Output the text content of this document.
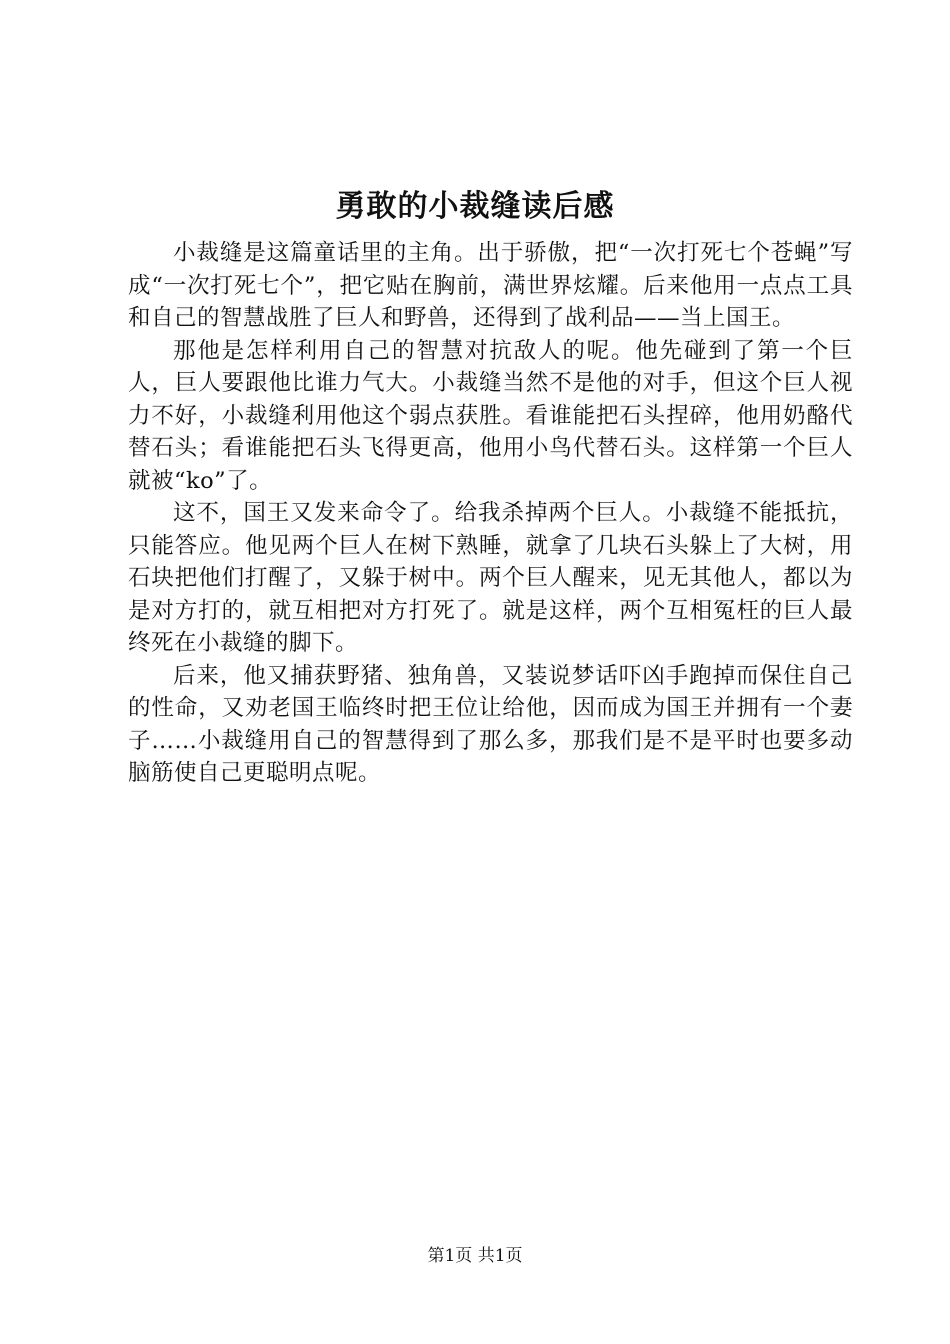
勇敢的小裁缝读后感

小裁缝是这篇童话里的主角。出于骄傲，把“一次打死七个苍蝇”写成“一次打死七个”，把它贴在胸前，满世界炫耀。后来他用一点点工具和自己的智慧战胜了巨人和野兽，还得到了战利品——当上国王。

那他是怎样利用自己的智慧对抗敌人的呢。他先碰到了第一个巨人，巨人要跟他比谁力气大。小裁缝当然不是他的对手，但这个巨人视力不好，小裁缝利用他这个弱点获胜。看谁能把石头捏碎，他用奶酪代替石头；看谁能把石头飞得更高，他用小鸟代替石头。这样第一个巨人就被“ko”了。

这不，国王又发来命令了。给我杀掉两个巨人。小裁缝不能抵抗，只能答应。他见两个巨人在树下熟睡，就拿了几块石头躲上了大树，用石块把他们打醒了，又躲于树中。两个巨人醒来，见无其他人，都以为是对方打的，就互相把对方打死了。就是这样，两个互相冤枉的巨人最终死在小裁缝的脚下。

后来，他又捕获野猪、独角兽，又装说梦话吓凶手跑掉而保住自己的性命，又劝老国王临终时把王位让给他，因而成为国王并拥有一个妻子……小裁缝用自己的智慧得到了那么多，那我们是不是平时也要多动脑筋使自己更聪明点呢。

第1页 共1页
